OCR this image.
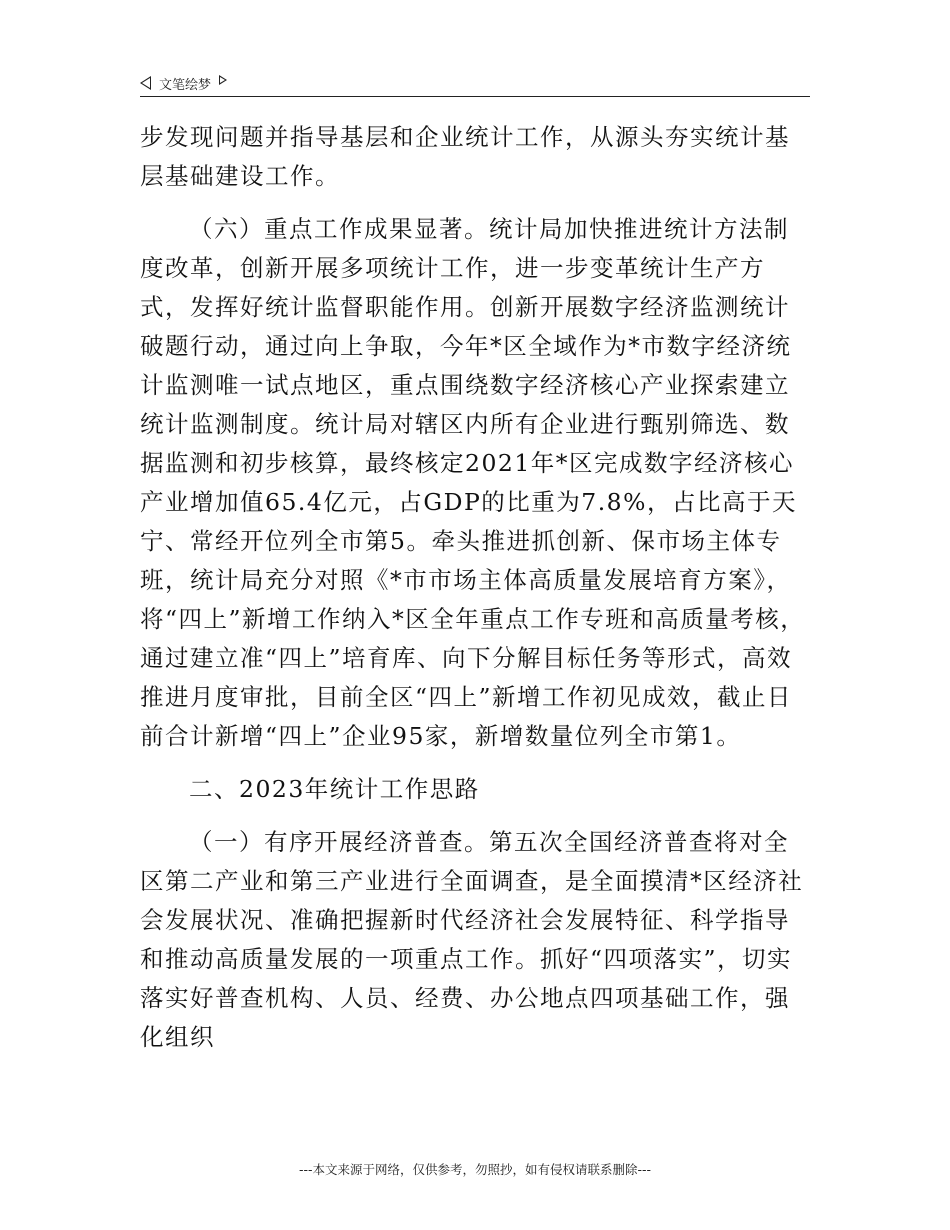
文笔绘梦

步发现问题并指导基层和企业统计工作，从源头夯实统计基层基础建设工作。

（六）重点工作成果显著。统计局加快推进统计方法制度改革，创新开展多项统计工作，进一步变革统计生产方式，发挥好统计监督职能作用。创新开展数字经济监测统计破题行动，通过向上争取，今年*区全域作为*市数字经济统计监测唯一试点地区，重点围绕数字经济核心产业探索建立统计监测制度。统计局对辖区内所有企业进行甄别筛选、数据监测和初步核算，最终核定2021年*区完成数字经济核心产业增加值65.4亿元，占GDP的比重为7.8%，占比高于天宁、常经开位列全市第5。牵头推进抓创新、保市场主体专班，统计局充分对照《*市市场主体高质量发展培育方案》，将“四上”新增工作纳入*区全年重点工作专班和高质量考核，通过建立准“四上”培育库、向下分解目标任务等形式，高效推进月度审批，目前全区“四上”新增工作初见成效，截止日前合计新增“四上”企业95家，新增数量位列全市第1。

二、2023年统计工作思路

（一）有序开展经济普查。第五次全国经济普查将对全区第二产业和第三产业进行全面调查，是全面摸清*区经济社会发展状况、准确把握新时代经济社会发展特征、科学指导和推动高质量发展的一项重点工作。抓好“四项落实”，切实落实好普查机构、人员、经费、办公地点四项基础工作，强化组织

---本文来源于网络，仅供参考，勿照抄，如有侵权请联系删除---
